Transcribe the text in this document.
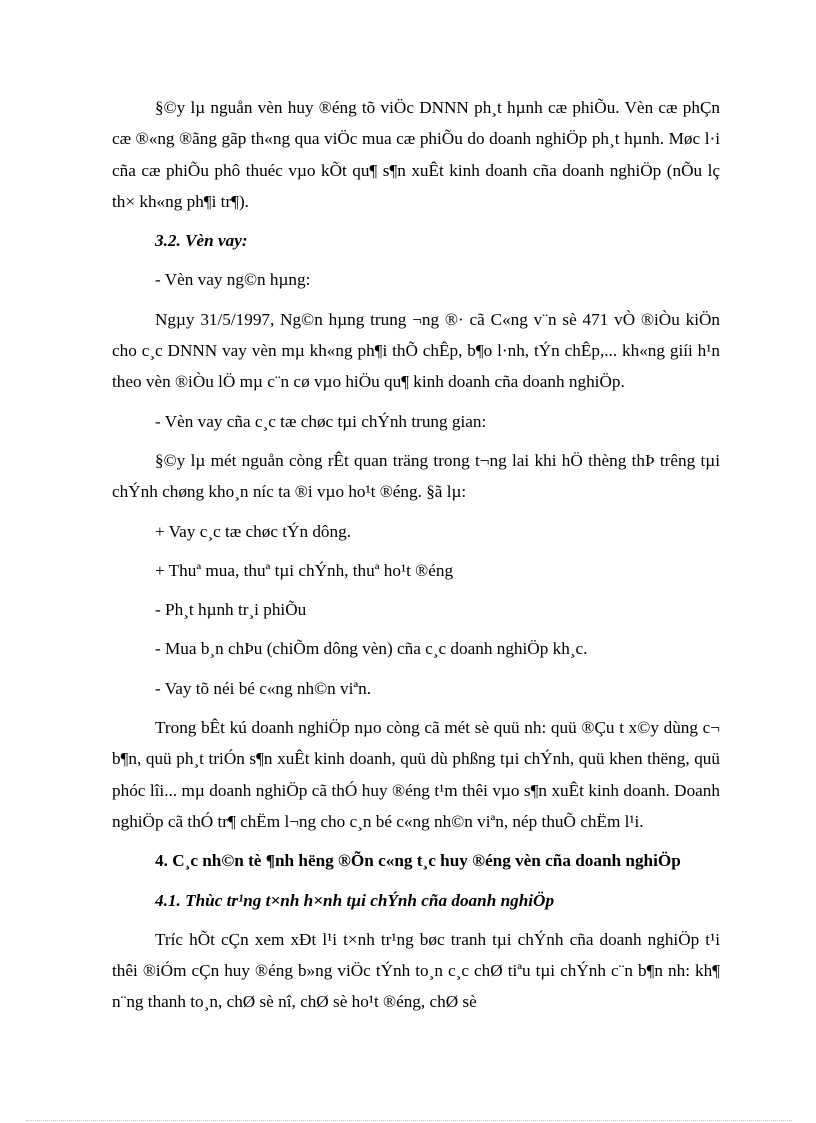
§©y lµ nguån vèn huy ®éng tõ viÖc DNNN ph¸t hµnh cæ phiÕu. Vèn cæ phÇn cæ ®«ng ®ãng gãp th«ng qua viÖc mua cæ phiÕu do doanh nghiÖp ph¸t hµnh. Møc l·i cña cæ phiÕu phô thuéc vµo kÕt qu¶ s¶n xuÊt kinh doanh cña doanh nghiÖp (nÕu lç th× kh«ng ph¶i tr¶).

3.2. Vèn vay:

- Vèn vay ng©n hµng:

Ngµy 31/5/1997, Ng©n hµng trung ¬ng ®· cã C«ng v¨n sè 471 vÒ ®iÒu kiÖn cho c¸c DNNN vay vèn mµ kh«ng ph¶i thÕ chÊp, b¶o l·nh, tÝn chÊp,... kh«ng giíi h¹n theo vèn ®iÒu lÖ mµ c¨n cø vµo hiÖu qu¶ kinh doanh cña doanh nghiÖp.

- Vèn vay cña c¸c tæ chøc tµi chÝnh trung gian:

§©y lµ mét nguån còng rÊt quan träng trong t¬ng lai khi hÖ thèng thÞ trêng tµi chÝnh chøng kho¸n níc ta ®i vµo ho¹t ®éng. §ã lµ:

+ Vay c¸c tæ chøc tÝn dông.

+ Thuª mua, thuª tµi chÝnh, thuª ho¹t ®éng

- Ph¸t hµnh tr¸i phiÕu

- Mua b¸n chÞu (chiÕm dông vèn) cña c¸c doanh nghiÖp kh¸c.

- Vay tõ néi bé c«ng nh©n viªn.

Trong bÊt kú doanh nghiÖp nµo còng cã mét sè quü nh: quü ®Çu t x©y dùng c¬ b¶n, quü ph¸t triÓn s¶n xuÊt kinh doanh, quü dù phßng tµi chÝnh, quü khen thëng, quü phóc lîi... mµ doanh nghiÖp cã thÓ huy ®éng t¹m thêi vµo s¶n xuÊt kinh doanh. Doanh nghiÖp cã thÓ tr¶ chËm l¬ng cho c¸n bé c«ng nh©n viªn, nép thuÕ chËm l¹i.

4. C¸c nh©n tè ¶nh hëng ®Õn c«ng t¸c huy ®éng vèn cña doanh nghiÖp

4.1. Thùc tr¹ng t×nh h×nh tµi chÝnh cña doanh nghiÖp

Tríc hÕt cÇn xem xÐt l¹i t×nh tr¹ng bøc tranh tµi chÝnh cña doanh nghiÖp t¹i thêi ®iÓm cÇn huy ®éng b»ng viÖc tÝnh to¸n c¸c chØ tiªu tµi chÝnh c¨n b¶n nh: kh¶ n¨ng thanh to¸n, chØ sè nî, chØ sè ho¹t ®éng, chØ sè
